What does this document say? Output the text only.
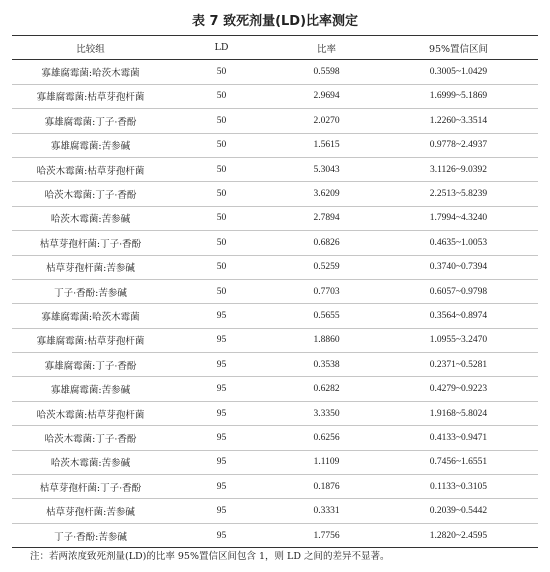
表 7 致死剂量(LD)比率测定
比较组	LD	比率	95%置信区间
寡雄腐霉菌:哈茨木霉菌	50	0.5598	0.3005~1.0429
寡雄腐霉菌:枯草芽孢杆菌	50	2.9694	1.6999~5.1869
寡雄腐霉菌:丁子·香酚	50	2.0270	1.2260~3.3514
寡雄腐霉菌:苦参碱	50	1.5615	0.9778~2.4937
哈茨木霉菌:枯草芽孢杆菌	50	5.3043	3.1126~9.0392
哈茨木霉菌:丁子·香酚	50	3.6209	2.2513~5.8239
哈茨木霉菌:苦参碱	50	2.7894	1.7994~4.3240
枯草芽孢杆菌:丁子·香酚	50	0.6826	0.4635~1.0053
枯草芽孢杆菌:苦参碱	50	0.5259	0.3740~0.7394
丁子·香酚:苦参碱	50	0.7703	0.6057~0.9798
寡雄腐霉菌:哈茨木霉菌	95	0.5655	0.3564~0.8974
寡雄腐霉菌:枯草芽孢杆菌	95	1.8860	1.0955~3.2470
寡雄腐霉菌:丁子·香酚	95	0.3538	0.2371~0.5281
寡雄腐霉菌:苦参碱	95	0.6282	0.4279~0.9223
哈茨木霉菌:枯草芽孢杆菌	95	3.3350	1.9168~5.8024
哈茨木霉菌:丁子·香酚	95	0.6256	0.4133~0.9471
哈茨木霉菌:苦参碱	95	1.1109	0.7456~1.6551
枯草芽孢杆菌:丁子·香酚	95	0.1876	0.1133~0.3105
枯草芽孢杆菌:苦参碱	95	0.3331	0.2039~0.5442
丁子·香酚:苦参碱	95	1.7756	1.2820~2.4595
注：若两浓度致死剂量(LD)的比率 95%置信区间包含 1，则 LD 之间的差异不显著。
